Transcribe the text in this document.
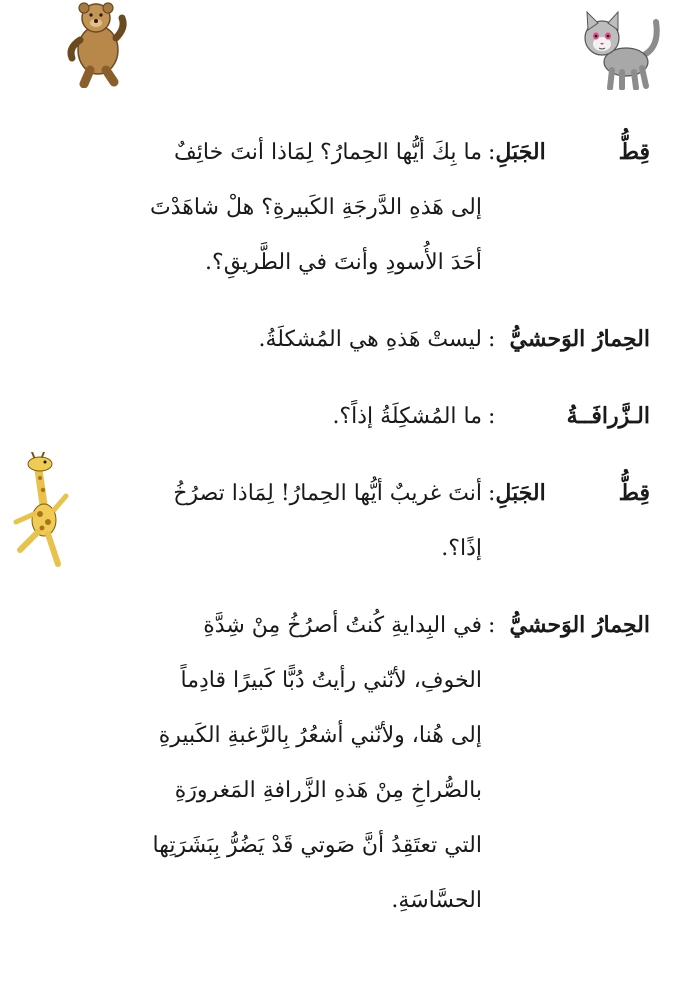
قِطُّ الجَبَلِ
:
ما بِكَ أيُّها الحِمارُ؟ لِمَاذا أنتَ خائِفٌ
إلى هَذهِ الدَّرجَةِ الكَبيرةِ؟ هلْ شاهَدْتَ
أحَدَ الأُسودِ وأنتَ في الطَّريقِ؟.
الحِمارُ الوَحشيُّ
:
ليستْ هَذهِ هي المُشكلَةُ.
الـزَّرافَــةُ
:
ما المُشكِلَةُ إذاً؟.
قِطُّ الجَبَلِ
:
أنتَ غريبٌ أيُّها الحِمارُ! لِمَاذا تصرُخُ
إذًا؟.
الحِمارُ الوَحشيُّ
:
في البِدايةِ كُنتُ أصرُخُ مِنْ شِدَّةِ
الخوفِ، لأنّني رأيتُ دُبًّا كَبيرًا قادِماً
إلى هُنا، ولأنّني أشعُرُ بِالرَّغبةِ الكَبيرةِ
بالصُّراخِ مِنْ هَذهِ الزَّرافةِ المَغرورَةِ
التي تعتَقِدُ أنَّ صَوتي قَدْ يَضُرُّ بِبَشَرَتِها
الحسَّاسَةِ.
